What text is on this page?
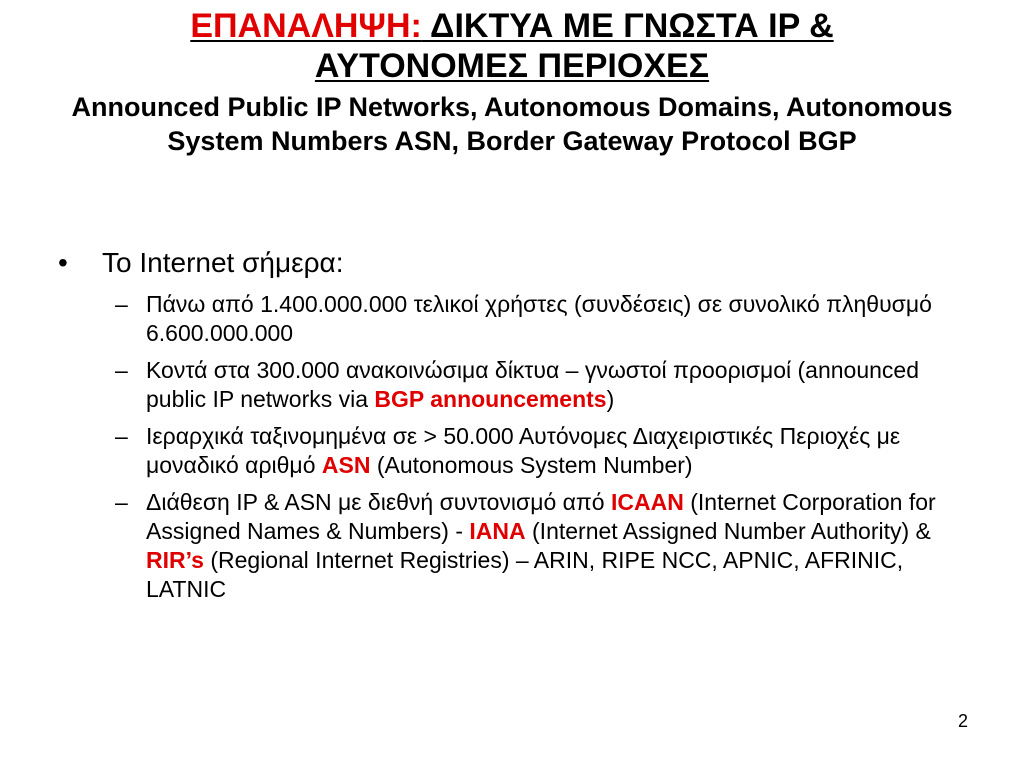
ΕΠΑΝΑΛΗΨΗ: ΔΙΚΤΥΑ ΜΕ ΓΝΩΣΤΑ IP &
ΑΥΤΟΝΟΜΕΣ ΠΕΡΙΟΧΕΣ
Announced Public IP Networks, Autonomous Domains, Autonomous System Numbers ASN, Border Gateway Protocol BGP
•	Το Internet σήμερα:
– Πάνω από 1.400.000.000 τελικοί χρήστες (συνδέσεις) σε συνολικό πληθυσμό 6.600.000.000
– Κοντά στα 300.000 ανακοινώσιμα δίκτυα – γνωστοί προορισμοί (announced public IP networks via BGP announcements)
– Ιεραρχικά ταξινομημένα σε > 50.000 Αυτόνομες Διαχειριστικές Περιοχές με μοναδικό αριθμό ASN (Autonomous System Number)
– Διάθεση IP & ASN με διεθνή συντονισμό από ICAAN (Internet Corporation for Assigned Names & Numbers) - IANA (Internet Assigned Number Authority) & RIR’s (Regional Internet Registries) – ARIN, RIPE NCC, APNIC, AFRINIC, LATNIC
2
